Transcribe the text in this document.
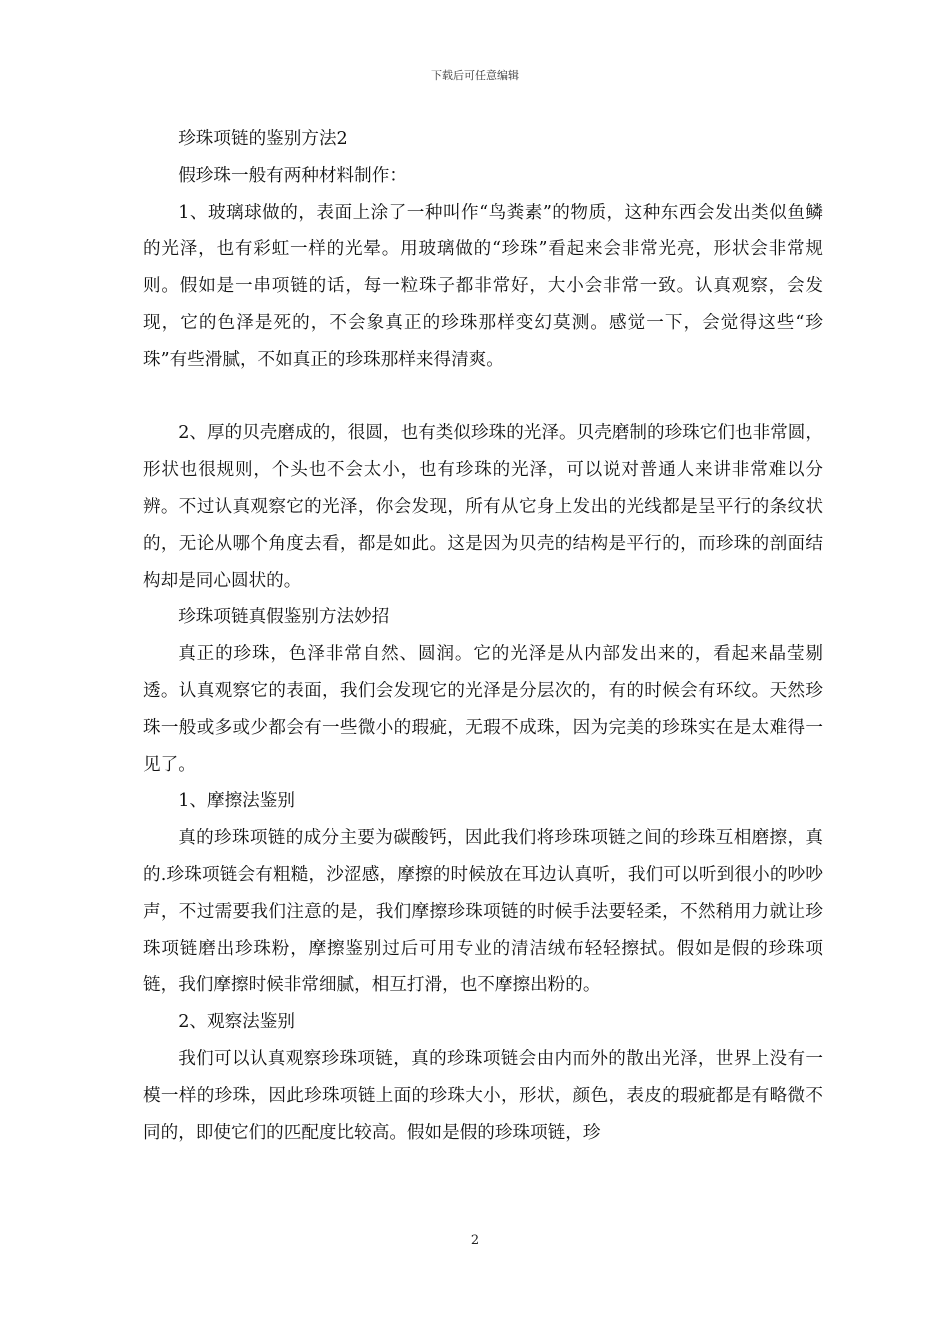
下载后可任意编辑

珍珠项链的鉴别方法2

假珍珠一般有两种材料制作：

1、玻璃球做的，表面上涂了一种叫作“鸟粪素”的物质，这种东西会发出类似鱼鳞的光泽，也有彩虹一样的光晕。用玻璃做的“珍珠”看起来会非常光亮，形状会非常规则。假如是一串项链的话，每一粒珠子都非常好，大小会非常一致。认真观察，会发现，它的色泽是死的，不会象真正的珍珠那样变幻莫测。感觉一下，会觉得这些“珍珠”有些滑腻，不如真正的珍珠那样来得清爽。

2、厚的贝壳磨成的，很圆，也有类似珍珠的光泽。贝壳磨制的珍珠它们也非常圆，形状也很规则，个头也不会太小，也有珍珠的光泽，可以说对普通人来讲非常难以分辨。不过认真观察它的光泽，你会发现，所有从它身上发出的光线都是呈平行的条纹状的，无论从哪个角度去看，都是如此。这是因为贝壳的结构是平行的，而珍珠的剖面结构却是同心圆状的。

珍珠项链真假鉴别方法妙招

真正的珍珠，色泽非常自然、圆润。它的光泽是从内部发出来的，看起来晶莹剔透。认真观察它的表面，我们会发现它的光泽是分层次的，有的时候会有环纹。天然珍珠一般或多或少都会有一些微小的瑕疵，无瑕不成珠，因为完美的珍珠实在是太难得一见了。

1、摩擦法鉴别

真的珍珠项链的成分主要为碳酸钙，因此我们将珍珠项链之间的珍珠互相磨擦，真的.珍珠项链会有粗糙，沙涩感，摩擦的时候放在耳边认真听，我们可以听到很小的吵吵声，不过需要我们注意的是，我们摩擦珍珠项链的时候手法要轻柔，不然稍用力就让珍珠项链磨出珍珠粉，摩擦鉴别过后可用专业的清洁绒布轻轻擦拭。假如是假的珍珠项链，我们摩擦时候非常细腻，相互打滑，也不摩擦出粉的。

2、观察法鉴别

我们可以认真观察珍珠项链，真的珍珠项链会由内而外的散出光泽，世界上没有一模一样的珍珠，因此珍珠项链上面的珍珠大小，形状，颜色，表皮的瑕疵都是有略微不同的，即使它们的匹配度比较高。假如是假的珍珠项链，珍

2
